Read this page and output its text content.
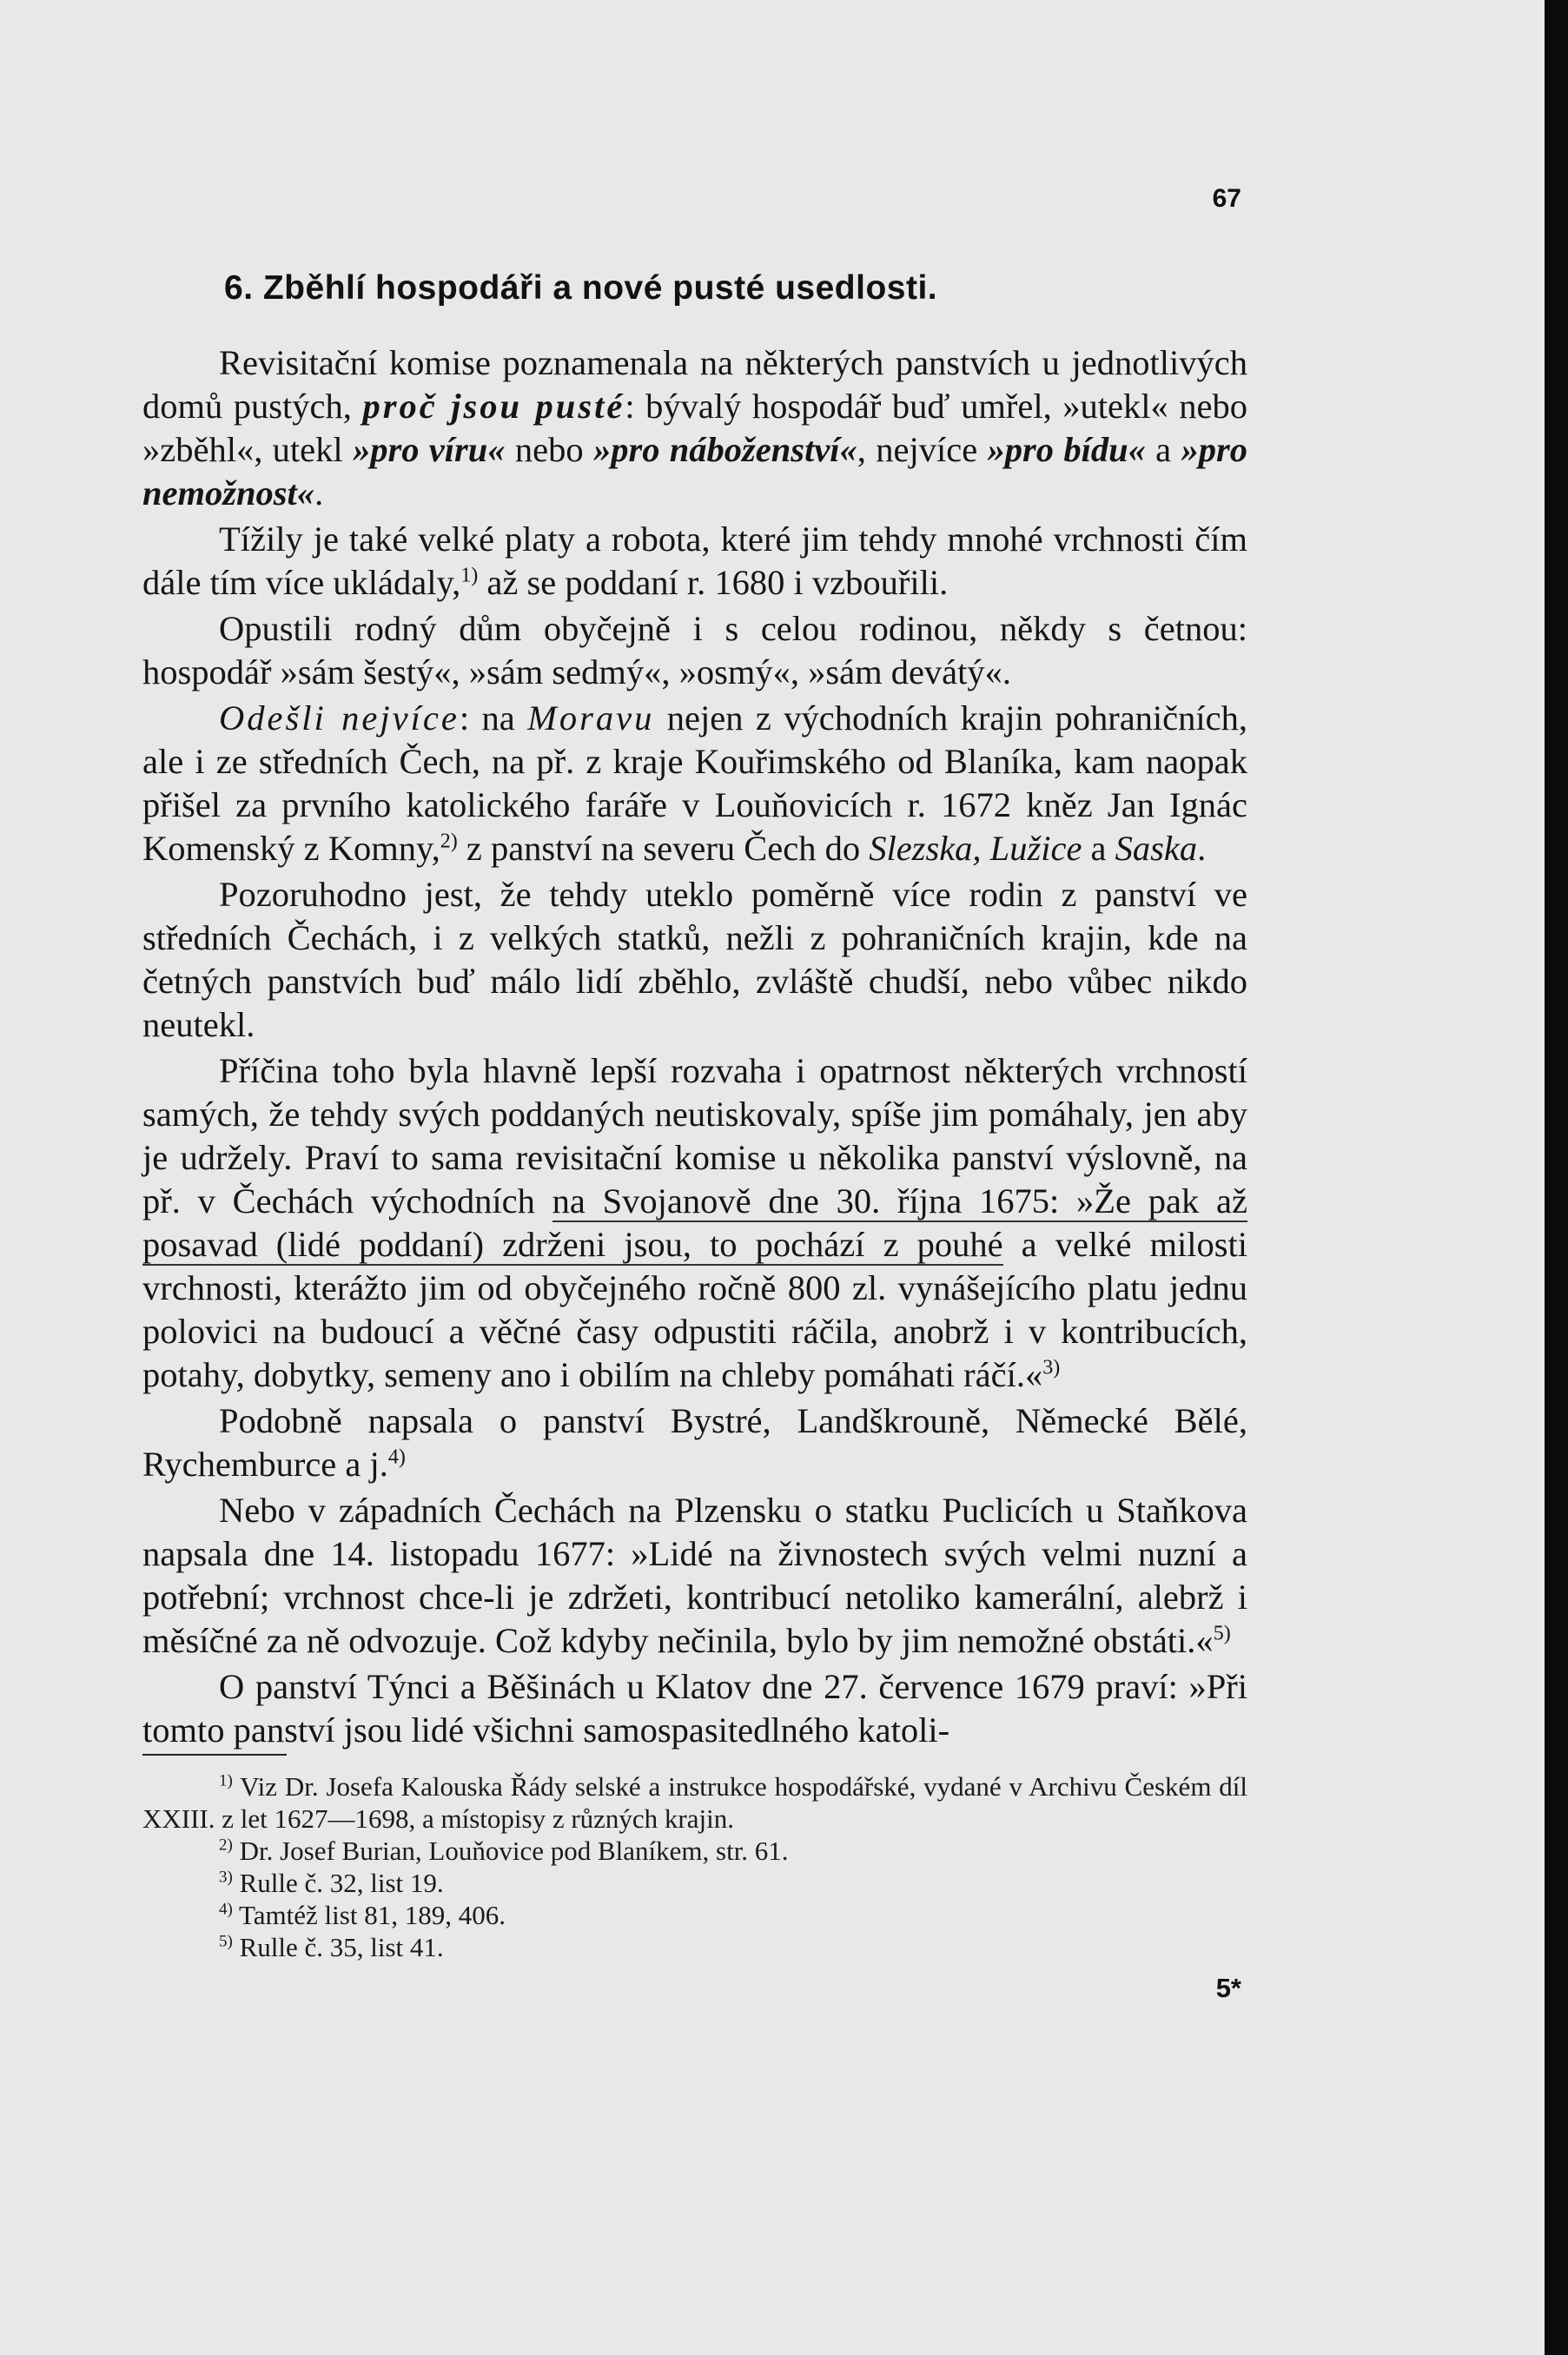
67
6. Zběhlí hospodáři a nové pusté usedlosti.

Revisitační komise poznamenala na některých panstvích u jednotlivých domů pustých, proč jsou pusté: bývalý hospodář buď umřel, »utekl« nebo »zběhl«, utekl »pro víru« nebo »pro náboženství«, nejvíce »pro bídu« a »pro nemožnost«.

Tížily je také velké platy a robota, které jim tehdy mnohé vrchnosti čím dále tím více ukládaly,$^{1)}$ až se poddaní r. 1680 i vzbouřili.

Opustili rodný dům obyčejně i s celou rodinou, někdy s četnou: hospodář »sám šestý«, »sám sedmý«, »osmý«, »sám devátý«.

Odešli nejvíce: na Moravu nejen z východních krajin pohraničních, ale i ze středních Čech, na př. z kraje Kouřimského od Blaníka, kam naopak přišel za prvního katolického faráře v Louňovicích r. 1672 kněz Jan Ignác Komenský z Komny,$^{2)}$ z panství na severu Čech do Slezska, Lužice a Saska.

Pozoruhodno jest, že tehdy uteklo poměrně více rodin z panství ve středních Čechách, i z velkých statků, nežli z pohraničních krajin, kde na četných panstvích buď málo lidí zběhlo, zvláště chudší, nebo vůbec nikdo neutekl.

Příčina toho byla hlavně lepší rozvaha i opatrnost některých vrchností samých, že tehdy svých poddaných neutiskovaly, spíše jim pomáhaly, jen aby je udržely. Praví to sama revisitační komise u několika panství výslovně, na př. v Čechách východních na Svojanově dne 30. října 1675: »Že pak až posavad (lidé poddaní) zdrženi jsou, to pochází z pouhé a velké milosti vrchnosti, kterážto jim od obyčejného ročně 800 zl. vynášejícího platu jednu polovici na budoucí a věčné časy odpustiti ráčila, anobrž i v kontribucích, potahy, dobytky, semeny ano i obilím na chleby pomáhati ráčí.«$^{3)}$

Podobně napsala o panství Bystré, Landškrouně, Německé Bělé, Rychemburce a j.$^{4)}$

Nebo v západních Čechách na Plzensku o statku Puclicích u Staňkova napsala dne 14. listopadu 1677: »Lidé na živnostech svých velmi nuzní a potřební; vrchnost chce-li je zdržeti, kontribucí netoliko kamerální, alebrž i měsíčné za ně odvozuje. Což kdyby nečinila, bylo by jim nemožné obstáti.«$^{5)}$

O panství Týnci a Běšinách u Klatov dne 27. července 1679 praví: »Při tomto panství jsou lidé všichni samospasitedlného katoli-

$^{1)}$ Viz Dr. Josefa Kalouska Řády selské a instrukce hospodářské, vydané v Archivu Českém díl XXIII. z let 1627—1698, a místopisy z různých krajin.

$^{2)}$ Dr. Josef Burian, Louňovice pod Blaníkem, str. 61.

$^{3)}$ Rulle č. 32, list 19.

$^{4)}$ Tamtéž list 81, 189, 406.

$^{5)}$ Rulle č. 35, list 41.

5*
